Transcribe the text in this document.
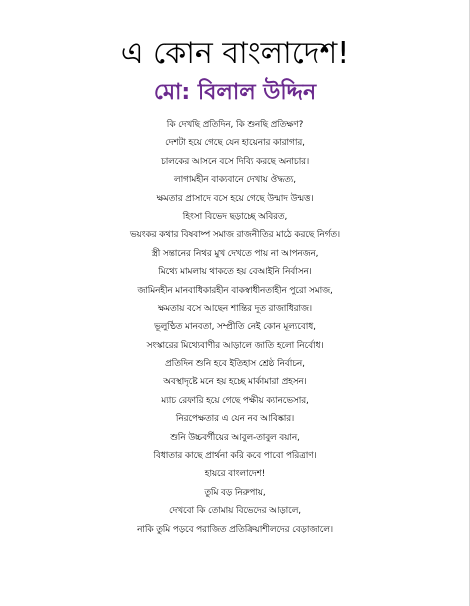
এ কোন বাংলাদেশ!
মো: বিলাল উদ্দিন
কি দেখছি প্রতিদিন, কি শুনছি প্রতিক্ষণ?
দেশটা হয়ে গেছে যেন হায়েনার কারাগার,
চালকের আসনে বসে দিব্যি করছে অনাচার।
লাগামহীন বাক্যবানে দেখায় ঔদ্ধত্য,
ক্ষমতার প্রাসাদে বসে হয়ে গেছে উন্মাদ উন্মত্ত।
হিংসা বিভেদ ছড়াচ্ছে অবিরত,
ভয়ংকর কথার বিষবাষ্প সমাজ রাজনীতির মাঠে করছে নির্গত।
স্ত্রী সন্তানের নিথর মুখ দেখতে পায় না আপনজন,
মিথ্যে মামলায় থাকতে হয় বেআইনি নির্বাসন।
জামিনহীন মানবাধিকারহীন বাকস্বাধীনতাহীন পুরো সমাজ,
ক্ষমতায় বসে আছেন শান্তির দূত রাজাধিরাজ।
ভূলুণ্ঠিত মানবতা, সম্প্রীতি নেই কোন মূল্যবোধ,
সংস্কারের মিথ্যেবাণীর আড়ালে জাতি হলো নির্বোধ।
প্রতিদিন শুনি হবে ইতিহাস শ্রেষ্ঠ নির্বাচন,
অবস্থাদৃষ্টে মনে হয় হচ্ছে মার্কামারা প্রহসন।
ম্যাচ রেফারি হয়ে গেছে পক্ষীয় ক্যানভেসার,
নিরপেক্ষতার এ যেন নব আবিষ্কার।
শুনি উচ্চবর্গীয়ের আবুল-তাবুল বয়ান,
বিধাতার কাছে প্রার্থনা করি কবে পাবো পরিত্রাণ।
হায়রে বাংলাদেশ!
তুমি বড় নিরুপায়,
দেখবো কি তোমায় বিভেদের আড়ালে,
নাকি তুমি পড়বে পরাজিত প্রতিক্রিয়াশীলদের বেড়াজালে।
